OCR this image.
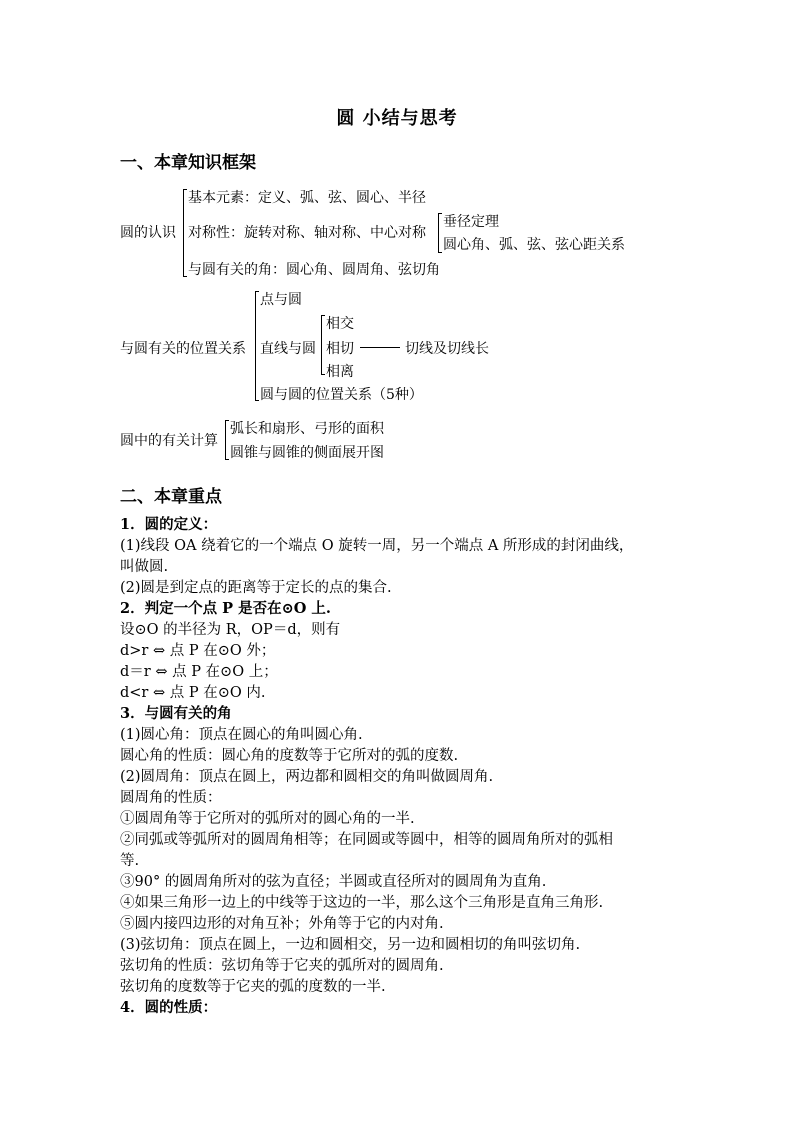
圆 小结与思考
一、本章知识框架
圆的认识
基本元素：定义、弧、弦、圆心、半径
对称性：旋转对称、轴对称、中心对称
与圆有关的角：圆心角、圆周角、弦切角
垂径定理
圆心角、弧、弦、弦心距关系
与圆有关的位置关系
点与圆
直线与圆
圆与圆的位置关系（5种）
相交
相切	切线及切线长
相离
圆中的有关计算
弧长和扇形、弓形的面积
圆锥与圆锥的侧面展开图
二、本章重点
1．圆的定义：
(1)线段 OA 绕着它的一个端点 O 旋转一周，另一个端点 A 所形成的封闭曲线，
叫做圆.
(2)圆是到定点的距离等于定长的点的集合.
2．判定一个点 P 是否在⊙O 上.
设⊙O 的半径为 R，OP＝d，则有
d>r ⇔ 点 P 在⊙O 外；
d＝r ⇔ 点 P 在⊙O 上；
d<r ⇔ 点 P 在⊙O 内.
3．与圆有关的角
(1)圆心角：顶点在圆心的角叫圆心角.
圆心角的性质：圆心角的度数等于它所对的弧的度数.
(2)圆周角：顶点在圆上，两边都和圆相交的角叫做圆周角.
圆周角的性质：
①圆周角等于它所对的弧所对的圆心角的一半.
②同弧或等弧所对的圆周角相等；在同圆或等圆中，相等的圆周角所对的弧相
等.
③90° 的圆周角所对的弦为直径；半圆或直径所对的圆周角为直角.
④如果三角形一边上的中线等于这边的一半，那么这个三角形是直角三角形.
⑤圆内接四边形的对角互补；外角等于它的内对角.
(3)弦切角：顶点在圆上，一边和圆相交，另一边和圆相切的角叫弦切角.
弦切角的性质：弦切角等于它夹的弧所对的圆周角.
弦切角的度数等于它夹的弧的度数的一半.
4．圆的性质：
